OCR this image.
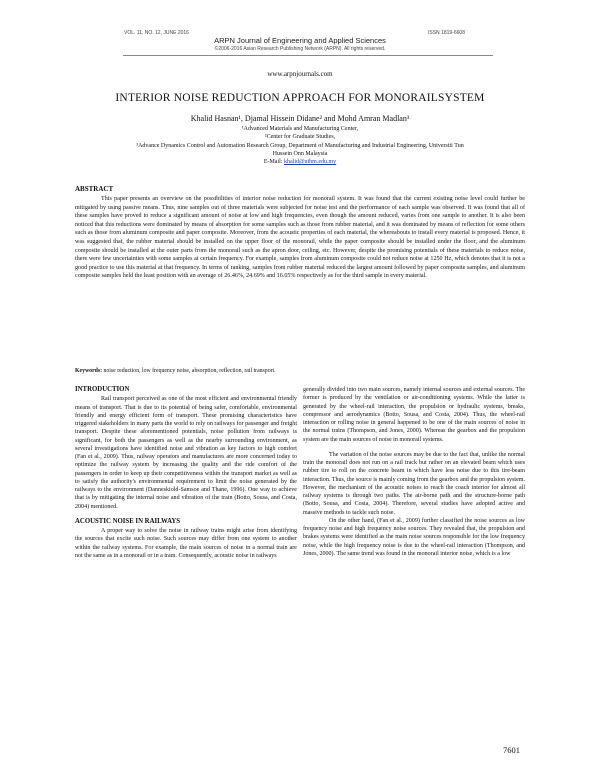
VOL. 11, NO. 12, JUNE 2016	ISSN 1819-6608
ARPN Journal of Engineering and Applied Sciences
©2006-2016 Asian Research Publishing Network (ARPN). All rights reserved.
www.arpnjournals.com
INTERIOR NOISE REDUCTION APPROACH FOR MONORAILSYSTEM
Khalid Hasnan¹, Djamal Hissein Didane² and Mohd Amran Madlan³
¹Advanced Materials and Manufacturing Center,
²Center for Graduate Studies,
³Advance Dynamics Control and Automation Research Group, Department of Manufacturing and Industrial Engineering, Universiti Tun
Hussein Onn Malaysia
E-Mail: khalid@uthm.edu.my
ABSTRACT
This paper presents an overview on the possibilities of interior noise reduction for monorail system. It was found that the current existing noise level could further be mitigated by using passive means. Thus, nine samples out of three materials were subjected for noise test and the performance of each sample was observed. It was found that all of these samples have proved to reduce a significant amount of noise at low and high frequencies, even though the amount reduced, varies from one sample to another. It is also been noticed that this reductions were dominated by means of absorption for some samples such as those from rubber material, and it was dominated by means of reflection for some others such as those from aluminum composite and paper composite. Moreover, from the acoustic properties of each material, the whereabouts to install every material is proposed. Hence, it was suggested that, the rubber material should be installed on the upper floor of the monorail, while the paper composite should be installed under the floor, and the aluminum composite should be installed at the outer parts from the monorail such as the apron door, ceiling, etc. However, despite the promising potentials of these materials to reduce noise, there were few uncertainties with some samples at certain frequency. For example, samples from aluminum composite could not reduce noise at 1250 Hz, which denotes that it is not a good practice to use this material at that frequency. In terms of ranking, samples from rubber material reduced the largest amount followed by paper composite samples, and aluminum composite samples held the least position with an average of 26.46%, 24.69% and 16.05% respectively as for the third sample in every material.
Keywords: noise reduction, low frequency noise, absorption, reflection, rail transport.
INTRODUCTION

Rail transport perceived as one of the most efficient and environmental friendly means of transport. That is due to its potential of being safer, comfortable, environmental friendly and energy efficient form of transport. These promising characteristics have triggered stakeholders in many parts the world to rely on railways for passenger and freight transport. Despite these aforementioned potentials, noise pollution from railways is significant, for both the passengers as well as the nearby surrounding environment, as several investigations have identified noise and vibration as key factors to high comfort (Fan et al., 2009). Thus, railway operators and manufactures are more concerned today to optimize the railway system by increasing the quality and the ride comfort of the passengers in order to keep up their competitiveness within the transport market as well as to satisfy the authority's environmental requirement to limit the noise generated by the railways to the environment (Danneskiold-Samsoe and Thane, 1996). One way to achieve that is by mitigating the internal noise and vibration of the train (Botto, Sousa, and Costa, 2004) mentioned.

ACOUSTIC NOISE IN RAILWAYS

A proper way to solve the noise in railway trains might arise from identifying the sources that excite such noise. Such sources may differ from one system to another within the railway systems. For example, the main sources of noise in a normal train are not the same as in a monorail or in a tram. Consequently, acoustic noise in railways

generally divided into two main sources, namely internal sources and external sources. The former is produced by the ventilation or air-conditioning systems. While the latter is generated by the wheel-rail interaction, the propulsion or hydraulic systems, breaks, compressor and aerodynamics (Botto, Sousa, and Costa, 2004). Thus, the wheel-rail interaction or rolling noise in general happened to be one of the main sources of noise in the normal trains (Thompson, and Jones, 2000). Whereas the gearbox and the propulsion system are the main sources of noise in monorail systems.

The variation of the noise sources may be due to the fact that, unlike the normal train the monorail does not run on a rail track but rather on an elevated beam which uses rubber tire to roll on the concrete beam in which have less noise due to this tire-beam interaction. Thus, the source is mainly coming from the gearbox and the propulsion system. However, the mechanism of the acoustic noises to reach the coach interior for almost all railway systems is through two paths. The air-borne path and the structure-borne path (Botto, Sousa, and Costa, 2004). Therefore, several studies have adopted active and massive methods to tackle such noise.

On the other hand, (Fan et al., 2009) further classified the noise sources as low frequency noise and high frequency noise sources. They revealed that, the propulsion and brakes systems were identified as the main noise sources responsible for the low frequency noise, while the high frequency noise is due to the wheel-rail interaction (Thompson, and Jones, 2000). The same trend was found in the monorail interior noise, which is a low

7601
